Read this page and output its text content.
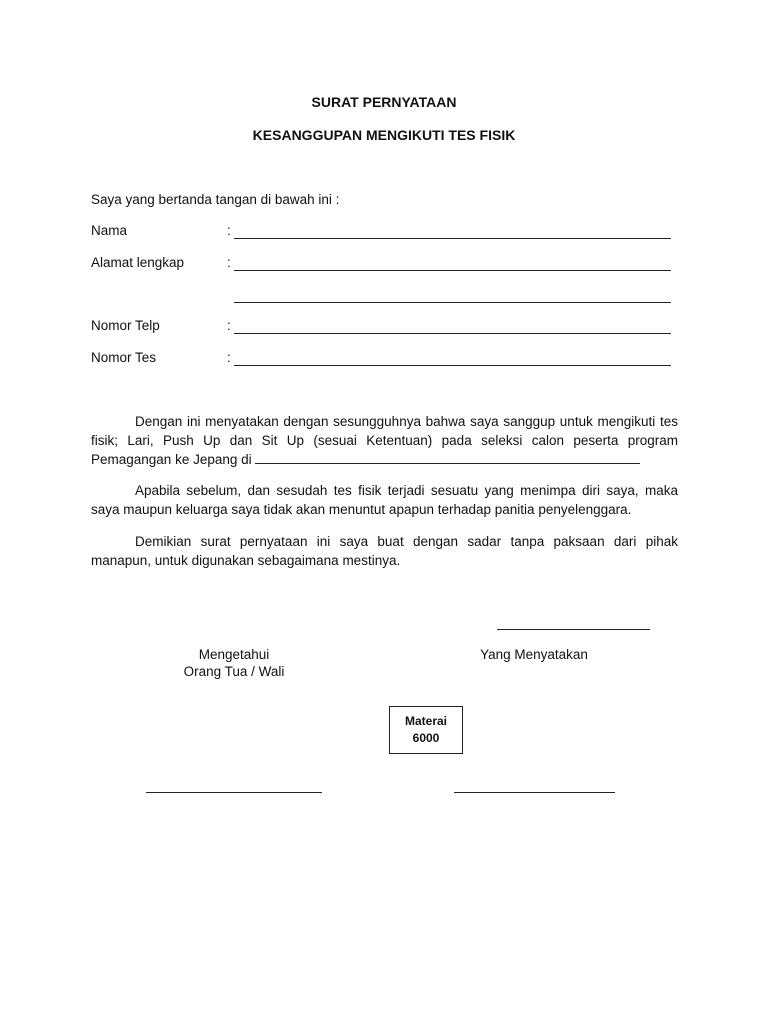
SURAT PERNYATAAN
KESANGGUPAN MENGIKUTI TES FISIK
Saya yang bertanda tangan di bawah ini :
Nama	:
Alamat lengkap	:
Nomor Telp	:
Nomor Tes	:
Dengan ini menyatakan dengan sesungguhnya bahwa saya sanggup untuk mengikuti tes fisik; Lari, Push Up dan Sit Up (sesuai Ketentuan) pada seleksi calon peserta program Pemagangan ke Jepang di
Apabila sebelum, dan sesudah tes fisik terjadi sesuatu yang menimpa diri saya, maka saya maupun keluarga saya tidak akan menuntut apapun terhadap panitia penyelenggara.
Demikian surat pernyataan ini saya buat dengan sadar tanpa paksaan dari pihak manapun, untuk digunakan sebagaimana mestinya.
Mengetahui
Orang Tua / Wali
Yang Menyatakan
Materai
6000
